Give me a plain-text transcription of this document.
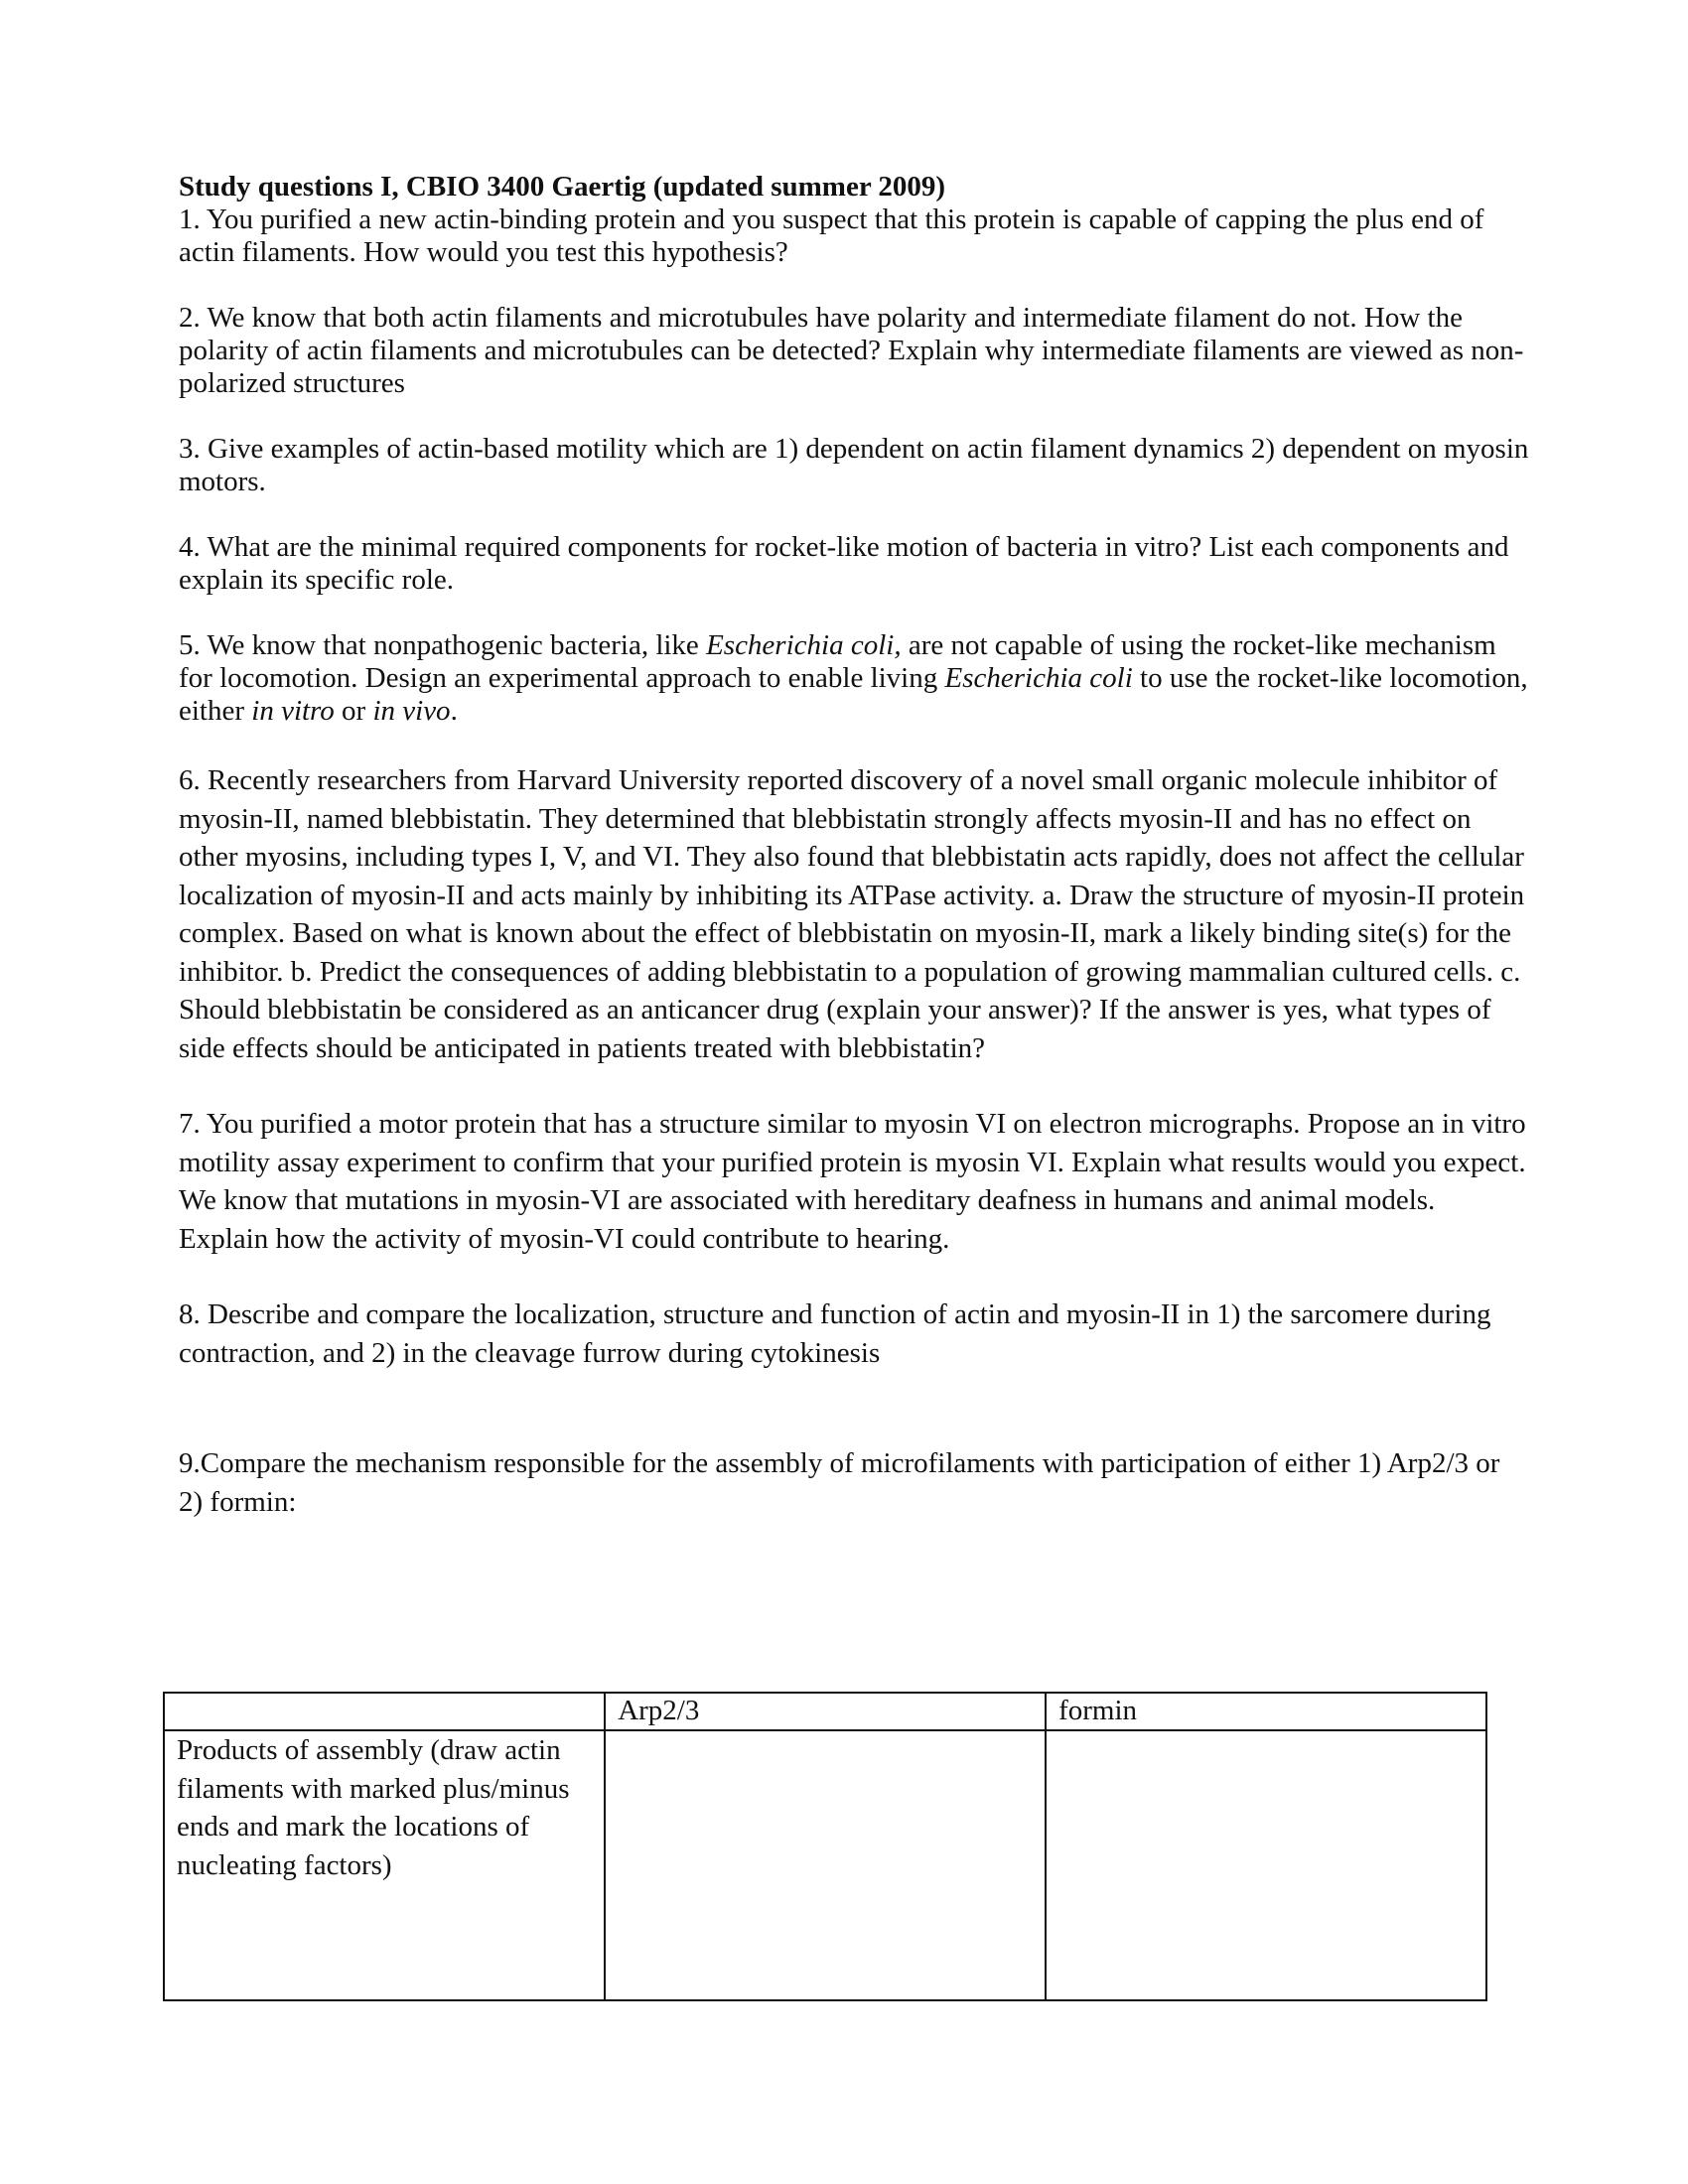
Study questions I, CBIO 3400 Gaertig (updated summer 2009)

1. You purified a new actin-binding protein and you suspect that this protein is capable of capping the plus end of actin filaments. How would you test this hypothesis?

2. We know that both actin filaments and microtubules have polarity and intermediate filament do not. How the polarity of actin filaments and microtubules can be detected? Explain why intermediate filaments are viewed as non-polarized structures

3. Give examples of actin-based motility which are 1) dependent on actin filament dynamics 2) dependent on myosin motors.

4. What are the minimal required components for rocket-like motion of bacteria in vitro? List each components and explain its specific role.

5. We know that nonpathogenic bacteria, like Escherichia coli, are not capable of using the rocket-like mechanism for locomotion. Design an experimental approach to enable living Escherichia coli to use the rocket-like locomotion, either in vitro or in vivo.

6. Recently researchers from Harvard University reported discovery of a novel small organic molecule inhibitor of myosin-II, named blebbistatin. They determined that blebbistatin strongly affects myosin-II and has no effect on other myosins, including types I, V, and VI. They also found that blebbistatin acts rapidly, does not affect the cellular localization of myosin-II and acts mainly by inhibiting its ATPase activity. a. Draw the structure of myosin-II protein complex. Based on what is known about the effect of blebbistatin on myosin-II, mark a likely binding site(s) for the inhibitor. b. Predict the consequences of adding blebbistatin to a population of growing mammalian cultured cells. c. Should blebbistatin be considered as an anticancer drug (explain your answer)? If the answer is yes, what types of side effects should be anticipated in patients treated with blebbistatin?

7. You purified a motor protein that has a structure similar to myosin VI on electron micrographs. Propose an in vitro motility assay experiment to confirm that your purified protein is myosin VI. Explain what results would you expect. We know that mutations in myosin-VI are associated with hereditary deafness in humans and animal models. Explain how the activity of myosin-VI could contribute to hearing.

8. Describe and compare the localization, structure and function of actin and myosin-II in 1) the sarcomere during contraction, and 2) in the cleavage furrow during cytokinesis

9.Compare the mechanism responsible for the assembly of microfilaments with participation of either 1) Arp2/3 or 2) formin:

	Arp2/3	formin
Products of assembly (draw actin filaments with marked plus/minus ends and mark the locations of nucleating factors)		
